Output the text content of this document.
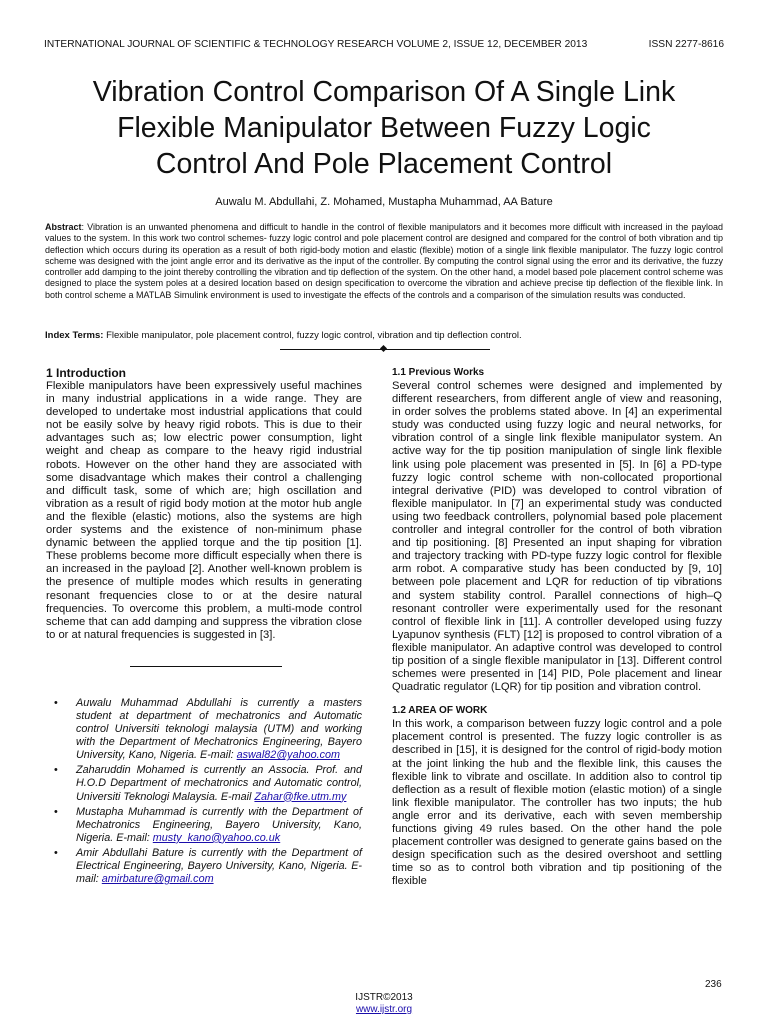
INTERNATIONAL JOURNAL OF SCIENTIFIC & TECHNOLOGY RESEARCH VOLUME 2, ISSUE 12, DECEMBER 2013	ISSN 2277-8616
Vibration Control Comparison Of A Single Link
Flexible Manipulator Between Fuzzy Logic
Control And Pole Placement Control
Auwalu M. Abdullahi, Z. Mohamed, Mustapha Muhammad, AA Bature
Abstract: Vibration is an unwanted phenomena and difficult to handle in the control of flexible manipulators and it becomes more difficult with increased in the payload values to the system. In this work two control schemes- fuzzy logic control and pole placement control are designed and compared for the control of both vibration and tip deflection which occurs during its operation as a result of both rigid-body motion and elastic (flexible) motion of a single link flexible manipulator. The fuzzy logic control scheme was designed with the joint angle error and its derivative as the input of the controller. By computing the control signal using the error and its derivative, the fuzzy controller add damping to the joint thereby controlling the vibration and tip deflection of the system. On the other hand, a model based pole placement control scheme was designed to place the system poles at a desired location based on design specification to overcome the vibration and achieve precise tip deflection of the flexible link. In both control scheme a MATLAB Simulink environment is used to investigate the effects of the controls and a comparison of the simulation results was conducted.
Index Terms: Flexible manipulator, pole placement control, fuzzy logic control, vibration and tip deflection control.
1 Introduction

Flexible manipulators have been expressively useful machines in many industrial applications in a wide range. They are developed to undertake most industrial applications that could not be easily solve by heavy rigid robots. This is due to their advantages such as; low electric power consumption, light weight and cheap as compare to the heavy rigid industrial robots. However on the other hand they are associated with some disadvantage which makes their control a challenging and difficult task, some of which are; high oscillation and vibration as a result of rigid body motion at the motor hub angle and the flexible (elastic) motions, also the systems are high order systems and the existence of non-minimum phase dynamic between the applied torque and the tip position [1]. These problems become more difficult especially when there is an increased in the payload [2]. Another well-known problem is the presence of multiple modes which results in generating resonant frequencies close to or at the desire natural frequencies. To overcome this problem, a multi-mode control scheme that can add damping and suppress the vibration close to or at natural frequencies is suggested in [3].

• Auwalu Muhammad Abdullahi is currently a masters student at department of mechatronics and Automatic control Universiti teknologi malaysia (UTM) and working with the Department of Mechatronics Engineering, Bayero University, Kano, Nigeria. E-mail: aswal82@yahoo.com
• Zaharuddin Mohamed is currently an Associa. Prof. and H.O.D Department of mechatronics and Automatic control, Universiti Teknologi Malaysia. E-mail Zahar@fke.utm.my
• Mustapha Muhammad is currently with the Department of Mechatronics Engineering, Bayero University, Kano, Nigeria. E-mail: musty_kano@yahoo.co.uk
• Amir Abdullahi Bature is currently with the Department of Electrical Engineering, Bayero University, Kano, Nigeria. E-mail: amirbature@gmail.com
1.1 Previous Works

Several control schemes were designed and implemented by different researchers, from different angle of view and reasoning, in order solves the problems stated above. In [4] an experimental study was conducted using fuzzy logic and neural networks, for vibration control of a single link flexible manipulator system. An active way for the tip position manipulation of single link flexible link using pole placement was presented in [5]. In [6] a PD-type fuzzy logic control scheme with non-collocated proportional integral derivative (PID) was developed to control vibration of flexible manipulator. In [7] an experimental study was conducted using two feedback controllers, polynomial based pole placement controller and integral controller for the control of both vibration and tip positioning. [8] Presented an input shaping for vibration and trajectory tracking with PD-type fuzzy logic control for flexible arm robot. A comparative study has been conducted by [9, 10] between pole placement and LQR for reduction of tip vibrations and system stability control. Parallel connections of high–Q resonant controller were experimentally used for the resonant control of flexible link in [11]. A controller developed using fuzzy Lyapunov synthesis (FLT) [12] is proposed to control vibration of a flexible manipulator. An adaptive control was developed to control tip position of a single flexible manipulator in [13]. Different control schemes were presented in [14] PID, Pole placement and linear Quadratic regulator (LQR) for tip position and vibration control.

1.2 AREA OF WORK

In this work, a comparison between fuzzy logic control and a pole placement control is presented. The fuzzy logic controller is as described in [15], it is designed for the control of rigid-body motion at the joint linking the hub and the flexible link, this causes the flexible link to vibrate and oscillate. In addition also to control tip deflection as a result of flexible motion (elastic motion) of a single link flexible manipulator. The controller has two inputs; the hub angle error and its derivative, each with seven membership functions giving 49 rules based. On the other hand the pole placement controller was designed to generate gains based on the design specification such as the desired overshoot and settling time so as to control both vibration and tip positioning of the flexible

236
IJSTR©2013
www.ijstr.org
